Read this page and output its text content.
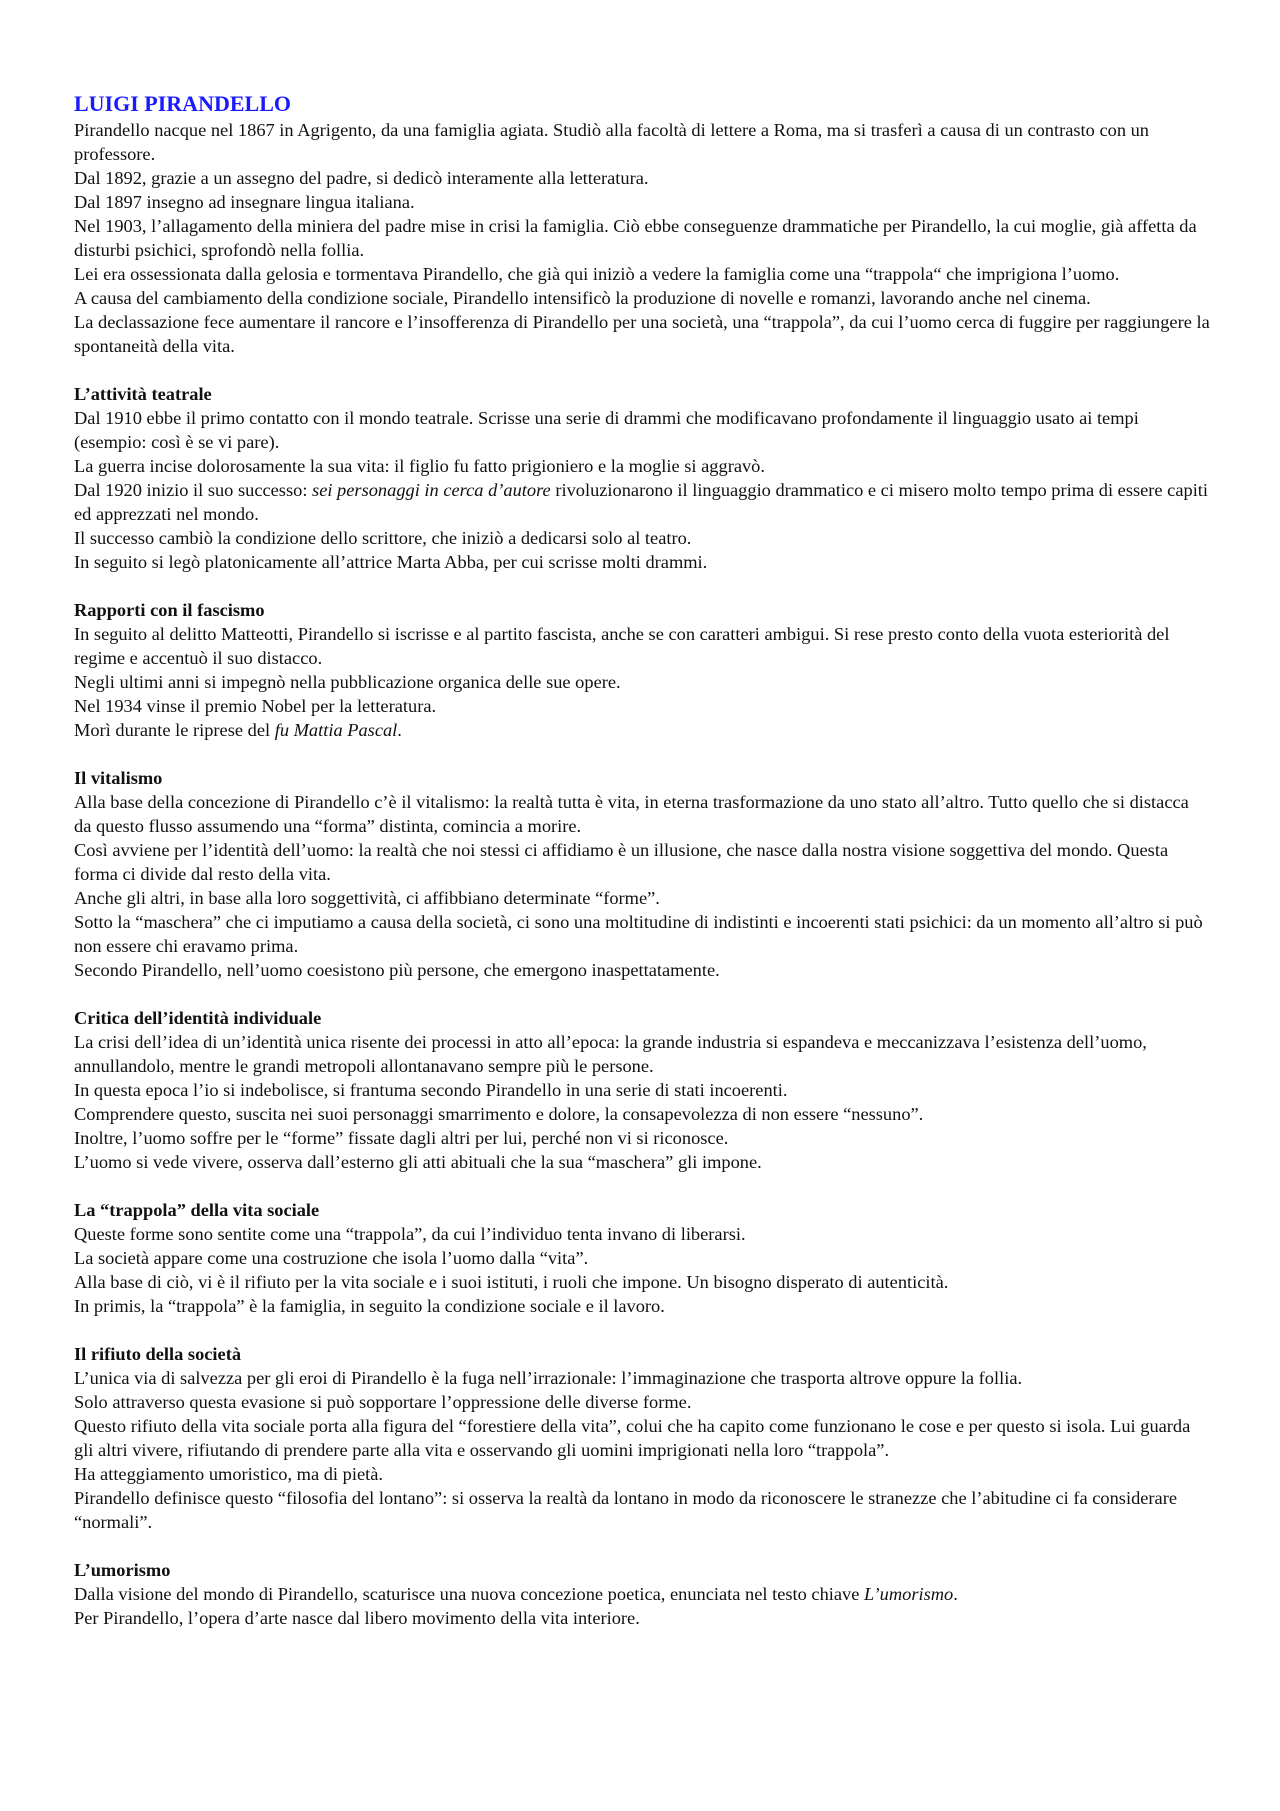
LUIGI PIRANDELLO

Pirandello nacque nel 1867 in Agrigento, da una famiglia agiata. Studiò alla facoltà di lettere a Roma, ma si trasferì a causa di un contrasto con un professore.

Dal 1892, grazie a un assegno del padre, si dedicò interamente alla letteratura.

Dal 1897 insegno ad insegnare lingua italiana.

Nel 1903, l’allagamento della miniera del padre mise in crisi la famiglia. Ciò ebbe conseguenze drammatiche per Pirandello, la cui moglie, già affetta da disturbi psichici, sprofondò nella follia.

Lei era ossessionata dalla gelosia e tormentava Pirandello, che già qui iniziò a vedere la famiglia come una “trappola“ che imprigiona l’uomo.

A causa del cambiamento della condizione sociale, Pirandello intensificò la produzione di novelle e romanzi, lavorando anche nel cinema.

La declassazione fece aumentare il rancore e l’insofferenza di Pirandello per una società, una “trappola”, da cui l’uomo cerca di fuggire per raggiungere la spontaneità della vita.

L’attività teatrale

Dal 1910 ebbe il primo contatto con il mondo teatrale. Scrisse una serie di drammi che modificavano profondamente il linguaggio usato ai tempi (esempio: così è se vi pare).

La guerra incise dolorosamente la sua vita: il figlio fu fatto prigioniero e la moglie si aggravò.

Dal 1920 inizio il suo successo: sei personaggi in cerca d’autore rivoluzionarono il linguaggio drammatico e ci misero molto tempo prima di essere capiti ed apprezzati nel mondo.

Il successo cambiò la condizione dello scrittore, che iniziò a dedicarsi solo al teatro.

In seguito si legò platonicamente all’attrice Marta Abba, per cui scrisse molti drammi.

Rapporti con il fascismo

In seguito al delitto Matteotti, Pirandello si iscrisse e al partito fascista, anche se con caratteri ambigui. Si rese presto conto della vuota esteriorità del regime e accentuò il suo distacco.

Negli ultimi anni si impegnò nella pubblicazione organica delle sue opere.

Nel 1934 vinse il premio Nobel per la letteratura.

Morì durante le riprese del fu Mattia Pascal.

Il vitalismo

Alla base della concezione di Pirandello c’è il vitalismo: la realtà tutta è vita, in eterna trasformazione da uno stato all’altro. Tutto quello che si distacca da questo flusso assumendo una “forma” distinta, comincia a morire.

Così avviene per l’identità dell’uomo: la realtà che noi stessi ci affidiamo è un illusione, che nasce dalla nostra visione soggettiva del mondo. Questa forma ci divide dal resto della vita.

Anche gli altri, in base alla loro soggettività, ci affibbiano determinate “forme”.

Sotto la “maschera” che ci imputiamo a causa della società, ci sono una moltitudine di indistinti e incoerenti stati psichici: da un momento all’altro si può non essere chi eravamo prima.

Secondo Pirandello, nell’uomo coesistono più persone, che emergono inaspettatamente.

Critica dell’identità individuale

La crisi dell’idea di un’identità unica risente dei processi in atto all’epoca: la grande industria si espandeva e meccanizzava l’esistenza dell’uomo, annullandolo, mentre le grandi metropoli allontanavano sempre più le persone.

In questa epoca l’io si indebolisce, si frantuma secondo Pirandello in una serie di stati incoerenti.

Comprendere questo, suscita nei suoi personaggi smarrimento e dolore, la consapevolezza di non essere “nessuno”.

Inoltre, l’uomo soffre per le “forme” fissate dagli altri per lui, perché non vi si riconosce.

L’uomo si vede vivere, osserva dall’esterno gli atti abituali che la sua “maschera” gli impone.

La “trappola” della vita sociale

Queste forme sono sentite come una “trappola”, da cui l’individuo tenta invano di liberarsi.

La società appare come una costruzione che isola l’uomo dalla “vita”.

Alla base di ciò, vi è il rifiuto per la vita sociale e i suoi istituti, i ruoli che impone. Un bisogno disperato di autenticità.

In primis, la “trappola” è la famiglia, in seguito la condizione sociale e il lavoro.

Il rifiuto della società

L’unica via di salvezza per gli eroi di Pirandello è la fuga nell’irrazionale: l’immaginazione che trasporta altrove oppure la follia.

Solo attraverso questa evasione si può sopportare l’oppressione delle diverse forme.

Questo rifiuto della vita sociale porta alla figura del “forestiere della vita”, colui che ha capito come funzionano le cose e per questo si isola. Lui guarda gli altri vivere, rifiutando di prendere parte alla vita e osservando gli uomini imprigionati nella loro “trappola”.

Ha atteggiamento umoristico, ma di pietà.

Pirandello definisce questo “filosofia del lontano”: si osserva la realtà da lontano in modo da riconoscere le stranezze che l’abitudine ci fa considerare “normali”.

L’umorismo

Dalla visione del mondo di Pirandello, scaturisce una nuova concezione poetica, enunciata nel testo chiave L’umorismo.

Per Pirandello, l’opera d’arte nasce dal libero movimento della vita interiore.
